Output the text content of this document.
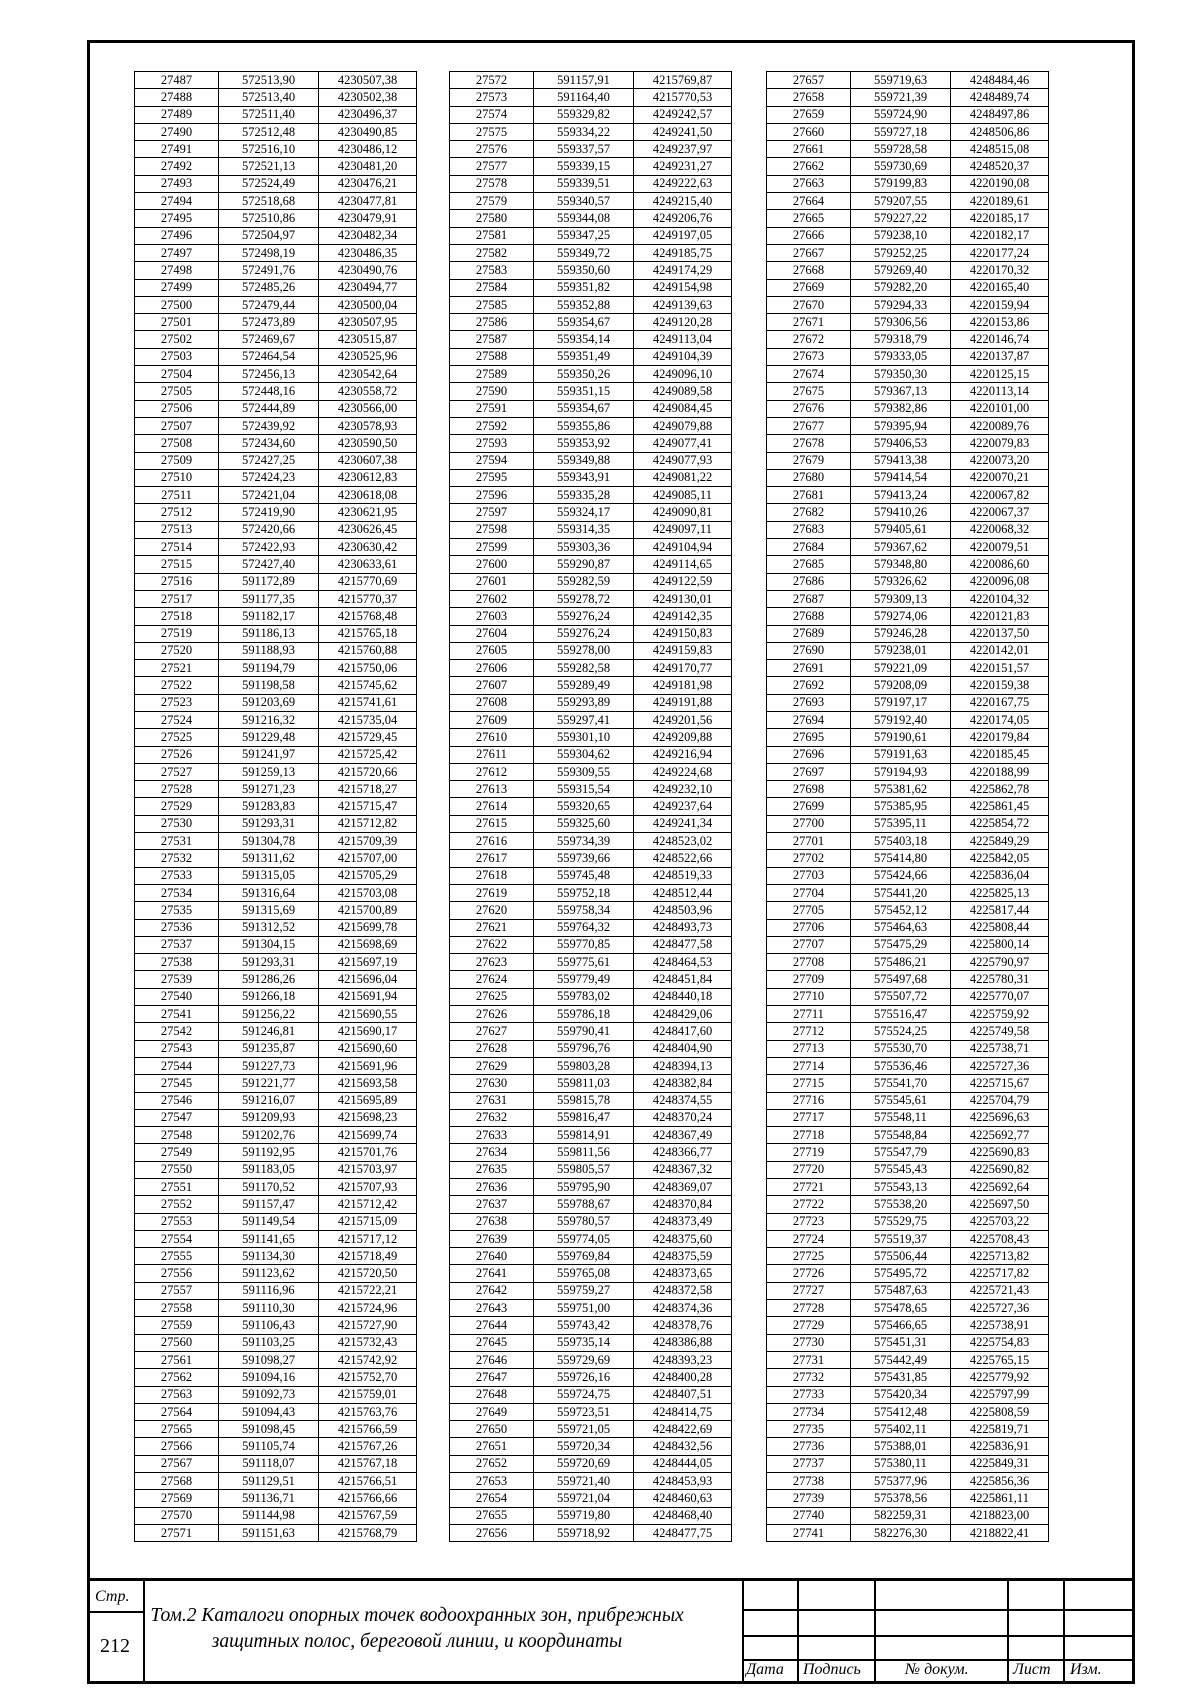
27487	572513,90	4230507,38
27488	572513,40	4230502,38
27489	572511,40	4230496,37
27490	572512,48	4230490,85
27491	572516,10	4230486,12
27492	572521,13	4230481,20
27493	572524,49	4230476,21
27494	572518,68	4230477,81
27495	572510,86	4230479,91
27496	572504,97	4230482,34
27497	572498,19	4230486,35
27498	572491,76	4230490,76
27499	572485,26	4230494,77
27500	572479,44	4230500,04
27501	572473,89	4230507,95
27502	572469,67	4230515,87
27503	572464,54	4230525,96
27504	572456,13	4230542,64
27505	572448,16	4230558,72
27506	572444,89	4230566,00
27507	572439,92	4230578,93
27508	572434,60	4230590,50
27509	572427,25	4230607,38
27510	572424,23	4230612,83
27511	572421,04	4230618,08
27512	572419,90	4230621,95
27513	572420,66	4230626,45
27514	572422,93	4230630,42
27515	572427,40	4230633,61
27516	591172,89	4215770,69
27517	591177,35	4215770,37
27518	591182,17	4215768,48
27519	591186,13	4215765,18
27520	591188,93	4215760,88
27521	591194,79	4215750,06
27522	591198,58	4215745,62
27523	591203,69	4215741,61
27524	591216,32	4215735,04
27525	591229,48	4215729,45
27526	591241,97	4215725,42
27527	591259,13	4215720,66
27528	591271,23	4215718,27
27529	591283,83	4215715,47
27530	591293,31	4215712,82
27531	591304,78	4215709,39
27532	591311,62	4215707,00
27533	591315,05	4215705,29
27534	591316,64	4215703,08
27535	591315,69	4215700,89
27536	591312,52	4215699,78
27537	591304,15	4215698,69
27538	591293,31	4215697,19
27539	591286,26	4215696,04
27540	591266,18	4215691,94
27541	591256,22	4215690,55
27542	591246,81	4215690,17
27543	591235,87	4215690,60
27544	591227,73	4215691,96
27545	591221,77	4215693,58
27546	591216,07	4215695,89
27547	591209,93	4215698,23
27548	591202,76	4215699,74
27549	591192,95	4215701,76
27550	591183,05	4215703,97
27551	591170,52	4215707,93
27552	591157,47	4215712,42
27553	591149,54	4215715,09
27554	591141,65	4215717,12
27555	591134,30	4215718,49
27556	591123,62	4215720,50
27557	591116,96	4215722,21
27558	591110,30	4215724,96
27559	591106,43	4215727,90
27560	591103,25	4215732,43
27561	591098,27	4215742,92
27562	591094,16	4215752,70
27563	591092,73	4215759,01
27564	591094,43	4215763,76
27565	591098,45	4215766,59
27566	591105,74	4215767,26
27567	591118,07	4215767,18
27568	591129,51	4215766,51
27569	591136,71	4215766,66
27570	591144,98	4215767,59
27571	591151,63	4215768,79
27572	591157,91	4215769,87
27573	591164,40	4215770,53
27574	559329,82	4249242,57
27575	559334,22	4249241,50
27576	559337,57	4249237,97
27577	559339,15	4249231,27
27578	559339,51	4249222,63
27579	559340,57	4249215,40
27580	559344,08	4249206,76
27581	559347,25	4249197,05
27582	559349,72	4249185,75
27583	559350,60	4249174,29
27584	559351,82	4249154,98
27585	559352,88	4249139,63
27586	559354,67	4249120,28
27587	559354,14	4249113,04
27588	559351,49	4249104,39
27589	559350,26	4249096,10
27590	559351,15	4249089,58
27591	559354,67	4249084,45
27592	559355,86	4249079,88
27593	559353,92	4249077,41
27594	559349,88	4249077,93
27595	559343,91	4249081,22
27596	559335,28	4249085,11
27597	559324,17	4249090,81
27598	559314,35	4249097,11
27599	559303,36	4249104,94
27600	559290,87	4249114,65
27601	559282,59	4249122,59
27602	559278,72	4249130,01
27603	559276,24	4249142,35
27604	559276,24	4249150,83
27605	559278,00	4249159,83
27606	559282,58	4249170,77
27607	559289,49	4249181,98
27608	559293,89	4249191,88
27609	559297,41	4249201,56
27610	559301,10	4249209,88
27611	559304,62	4249216,94
27612	559309,55	4249224,68
27613	559315,54	4249232,10
27614	559320,65	4249237,64
27615	559325,60	4249241,34
27616	559734,39	4248523,02
27617	559739,66	4248522,66
27618	559745,48	4248519,33
27619	559752,18	4248512,44
27620	559758,34	4248503,96
27621	559764,32	4248493,73
27622	559770,85	4248477,58
27623	559775,61	4248464,53
27624	559779,49	4248451,84
27625	559783,02	4248440,18
27626	559786,18	4248429,06
27627	559790,41	4248417,60
27628	559796,76	4248404,90
27629	559803,28	4248394,13
27630	559811,03	4248382,84
27631	559815,78	4248374,55
27632	559816,47	4248370,24
27633	559814,91	4248367,49
27634	559811,56	4248366,77
27635	559805,57	4248367,32
27636	559795,90	4248369,07
27637	559788,67	4248370,84
27638	559780,57	4248373,49
27639	559774,05	4248375,60
27640	559769,84	4248375,59
27641	559765,08	4248373,65
27642	559759,27	4248372,58
27643	559751,00	4248374,36
27644	559743,42	4248378,76
27645	559735,14	4248386,88
27646	559729,69	4248393,23
27647	559726,16	4248400,28
27648	559724,75	4248407,51
27649	559723,51	4248414,75
27650	559721,05	4248422,69
27651	559720,34	4248432,56
27652	559720,69	4248444,05
27653	559721,40	4248453,93
27654	559721,04	4248460,63
27655	559719,80	4248468,40
27656	559718,92	4248477,75
27657	559719,63	4248484,46
27658	559721,39	4248489,74
27659	559724,90	4248497,86
27660	559727,18	4248506,86
27661	559728,58	4248515,08
27662	559730,69	4248520,37
27663	579199,83	4220190,08
27664	579207,55	4220189,61
27665	579227,22	4220185,17
27666	579238,10	4220182,17
27667	579252,25	4220177,24
27668	579269,40	4220170,32
27669	579282,20	4220165,40
27670	579294,33	4220159,94
27671	579306,56	4220153,86
27672	579318,79	4220146,74
27673	579333,05	4220137,87
27674	579350,30	4220125,15
27675	579367,13	4220113,14
27676	579382,86	4220101,00
27677	579395,94	4220089,76
27678	579406,53	4220079,83
27679	579413,38	4220073,20
27680	579414,54	4220070,21
27681	579413,24	4220067,82
27682	579410,26	4220067,37
27683	579405,61	4220068,32
27684	579367,62	4220079,51
27685	579348,80	4220086,60
27686	579326,62	4220096,08
27687	579309,13	4220104,32
27688	579274,06	4220121,83
27689	579246,28	4220137,50
27690	579238,01	4220142,01
27691	579221,09	4220151,57
27692	579208,09	4220159,38
27693	579197,17	4220167,75
27694	579192,40	4220174,05
27695	579190,61	4220179,84
27696	579191,63	4220185,45
27697	579194,93	4220188,99
27698	575381,62	4225862,78
27699	575385,95	4225861,45
27700	575395,11	4225854,72
27701	575403,18	4225849,29
27702	575414,80	4225842,05
27703	575424,66	4225836,04
27704	575441,20	4225825,13
27705	575452,12	4225817,44
27706	575464,63	4225808,44
27707	575475,29	4225800,14
27708	575486,21	4225790,97
27709	575497,68	4225780,31
27710	575507,72	4225770,07
27711	575516,47	4225759,92
27712	575524,25	4225749,58
27713	575530,70	4225738,71
27714	575536,46	4225727,36
27715	575541,70	4225715,67
27716	575545,61	4225704,79
27717	575548,11	4225696,63
27718	575548,84	4225692,77
27719	575547,79	4225690,83
27720	575545,43	4225690,82
27721	575543,13	4225692,64
27722	575538,20	4225697,50
27723	575529,75	4225703,22
27724	575519,37	4225708,43
27725	575506,44	4225713,82
27726	575495,72	4225717,82
27727	575487,63	4225721,43
27728	575478,65	4225727,36
27729	575466,65	4225738,91
27730	575451,31	4225754,83
27731	575442,49	4225765,15
27732	575431,85	4225779,92
27733	575420,34	4225797,99
27734	575412,48	4225808,59
27735	575402,11	4225819,71
27736	575388,01	4225836,91
27737	575380,11	4225849,31
27738	575377,96	4225856,36
27739	575378,56	4225861,11
27740	582259,31	4218823,00
27741	582276,30	4218822,41
Стр.
212
Том.2 Каталоги опорных точек водоохранных зон, прибрежных защитных полос, береговой линии, и координаты
Дата Подпись	№ докум.	Лист Изм.
